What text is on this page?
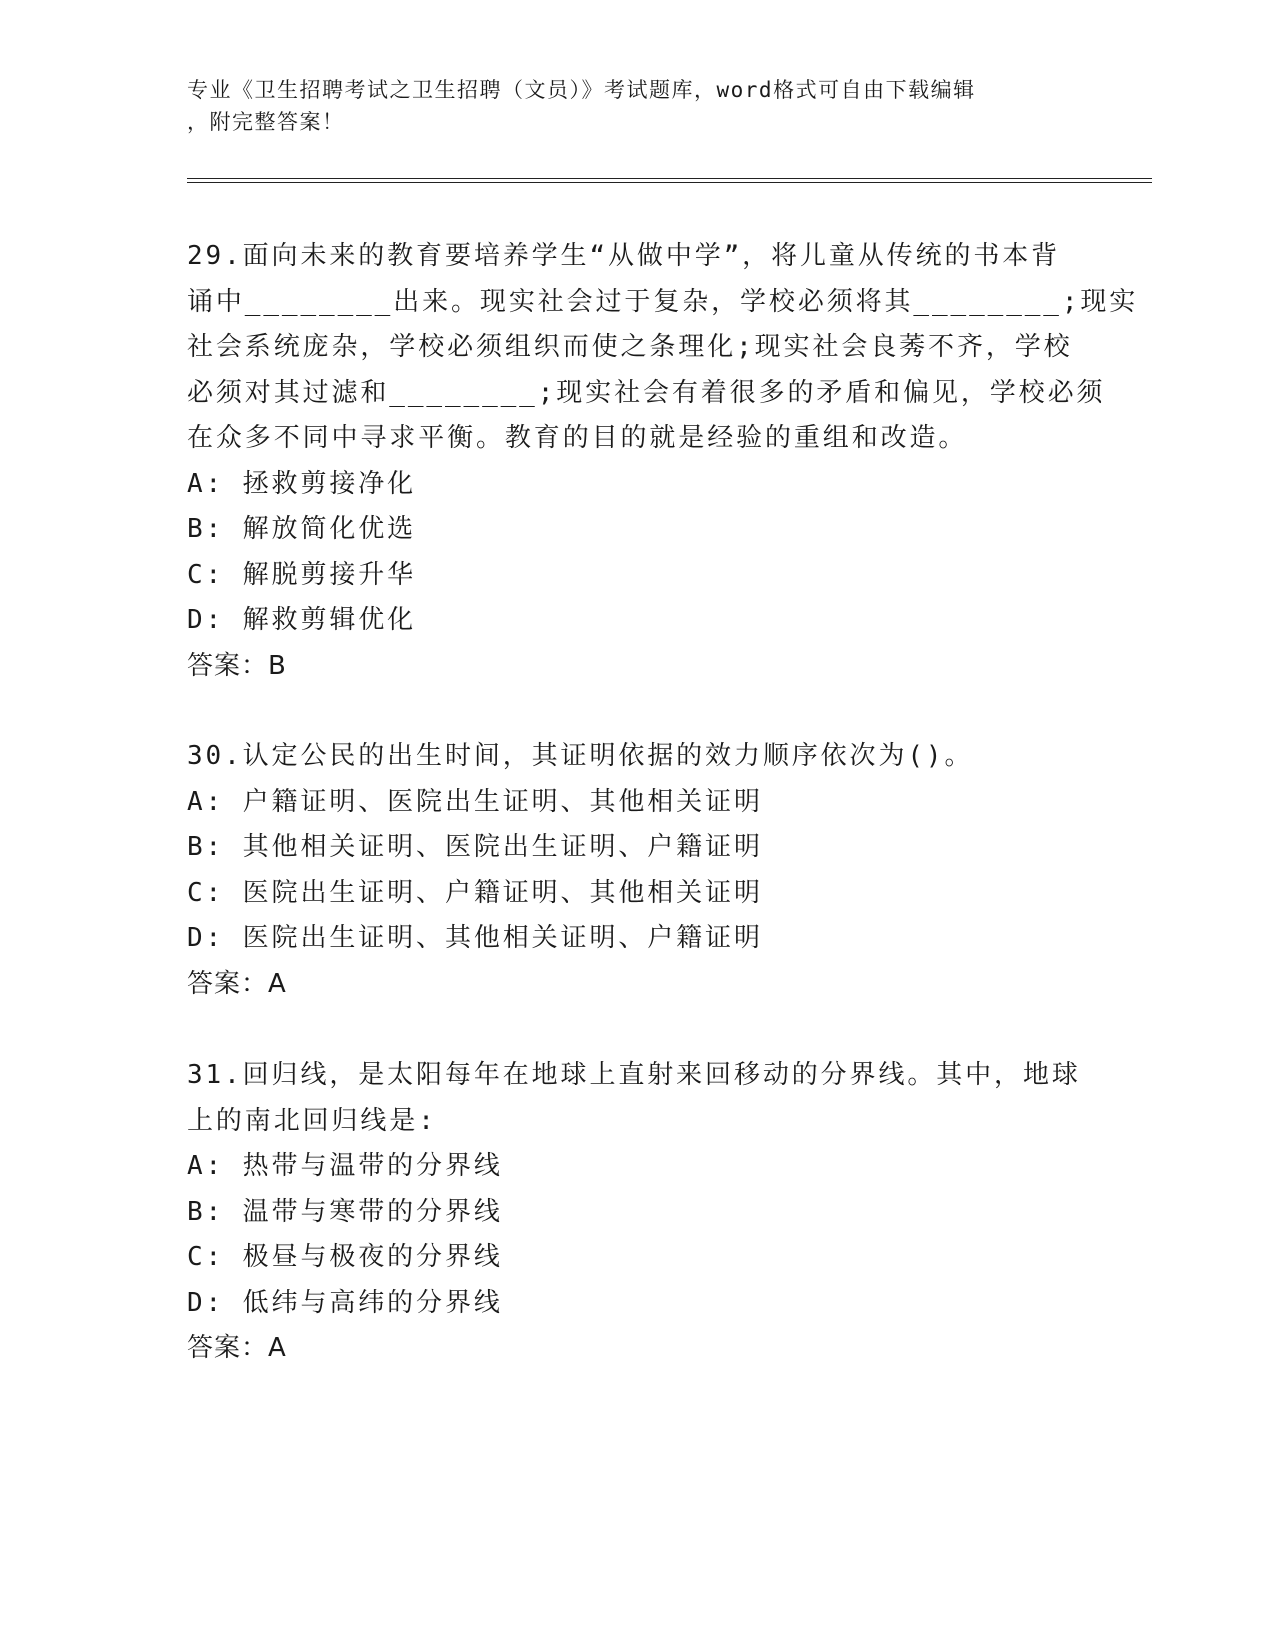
专业《卫生招聘考试之卫生招聘（文员）》考试题库，word格式可自由下载编辑
，附完整答案！
29.面向未来的教育要培养学生“从做中学”，将儿童从传统的书本背
诵中________出来。现实社会过于复杂，学校必须将其________;现实
社会系统庞杂，学校必须组织而使之条理化;现实社会良莠不齐，学校
必须对其过滤和________;现实社会有着很多的矛盾和偏见，学校必须
在众多不同中寻求平衡。教育的目的就是经验的重组和改造。
A: 拯救剪接净化
B: 解放简化优选
C: 解脱剪接升华
D: 解救剪辑优化
答案：B
30.认定公民的出生时间，其证明依据的效力顺序依次为()。
A: 户籍证明、医院出生证明、其他相关证明
B: 其他相关证明、医院出生证明、户籍证明
C: 医院出生证明、户籍证明、其他相关证明
D: 医院出生证明、其他相关证明、户籍证明
答案：A
31.回归线，是太阳每年在地球上直射来回移动的分界线。其中，地球
上的南北回归线是:
A: 热带与温带的分界线
B: 温带与寒带的分界线
C: 极昼与极夜的分界线
D: 低纬与高纬的分界线
答案：A
